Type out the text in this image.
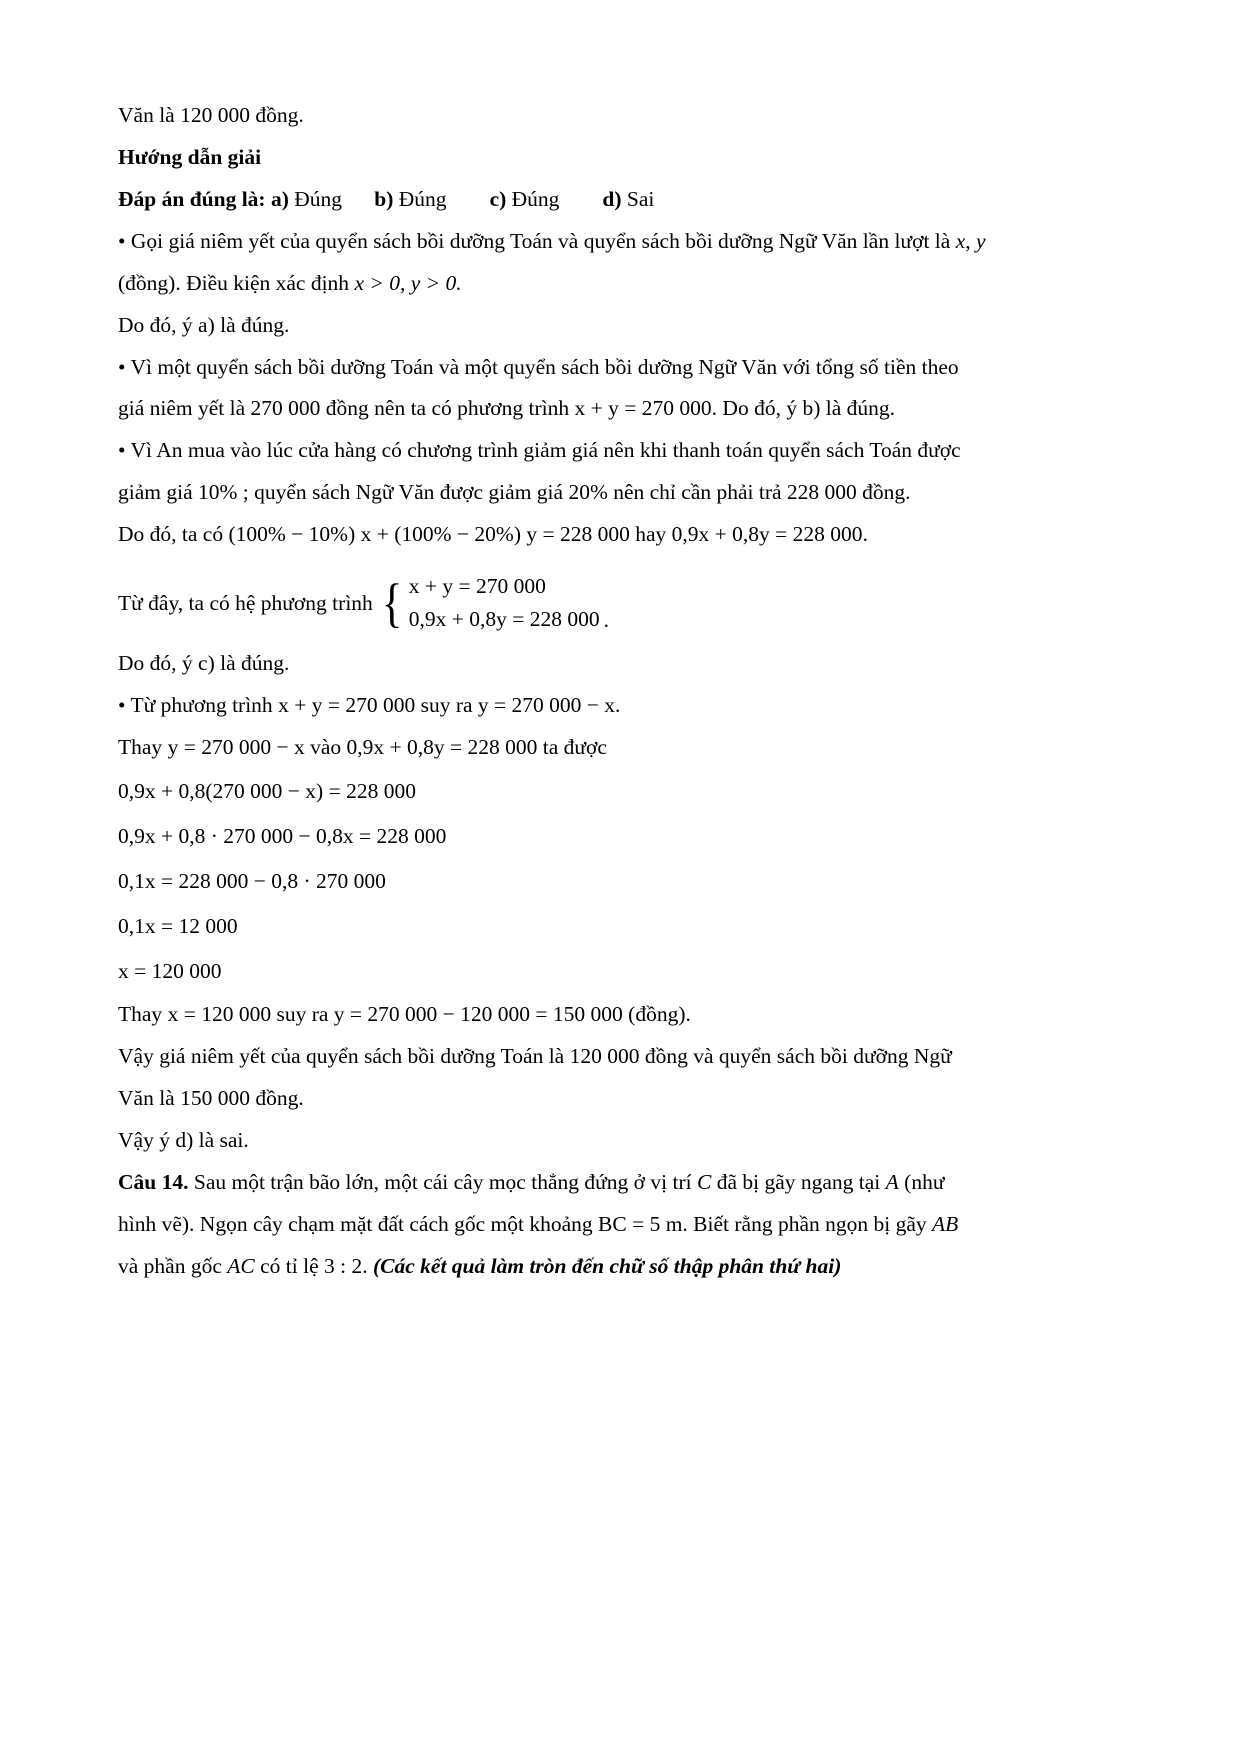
Văn là 120 000 đồng.

Hướng dẫn giải

Đáp án đúng là: a) Đúng b) Đúng c) Đúng d) Sai

• Gọi giá niêm yết của quyển sách bồi dưỡng Toán và quyển sách bồi dưỡng Ngữ Văn lần lượt là x, y

(đồng). Điều kiện xác định x > 0, y > 0.

Do đó, ý a) là đúng.

• Vì một quyển sách bồi dưỡng Toán và một quyển sách bồi dưỡng Ngữ Văn với tổng số tiền theo

giá niêm yết là 270 000 đồng nên ta có phương trình x + y = 270 000. Do đó, ý b) là đúng.

• Vì An mua vào lúc cửa hàng có chương trình giảm giá nên khi thanh toán quyển sách Toán được

giảm giá 10% ; quyển sách Ngữ Văn được giảm giá 20% nên chỉ cần phải trả 228 000 đồng.

Do đó, ta có (100% − 10%) x + (100% − 20%) y = 228 000 hay 0,9x + 0,8y = 228 000.

Từ đây, ta có hệ phương trình { x + y = 270 000
0,9x + 0,8y = 228 000 .

Do đó, ý c) là đúng.

• Từ phương trình x + y = 270 000 suy ra y = 270 000 − x.

Thay y = 270 000 − x vào 0,9x + 0,8y = 228 000 ta được

0,9x + 0,8(270 000 − x) = 228 000

0,9x + 0,8 · 270 000 − 0,8x = 228 000

0,1x = 228 000 − 0,8 · 270 000

0,1x = 12 000

x = 120 000

Thay x = 120 000 suy ra y = 270 000 − 120 000 = 150 000 (đồng).

Vậy giá niêm yết của quyển sách bồi dưỡng Toán là 120 000 đồng và quyển sách bồi dưỡng Ngữ

Văn là 150 000 đồng.

Vậy ý d) là sai.

Câu 14. Sau một trận bão lớn, một cái cây mọc thẳng đứng ở vị trí C đã bị gãy ngang tại A (như

hình vẽ). Ngọn cây chạm mặt đất cách gốc một khoảng BC = 5 m. Biết rằng phần ngọn bị gãy AB

và phần gốc AC có tỉ lệ 3 : 2. (Các kết quả làm tròn đến chữ số thập phân thứ hai)
